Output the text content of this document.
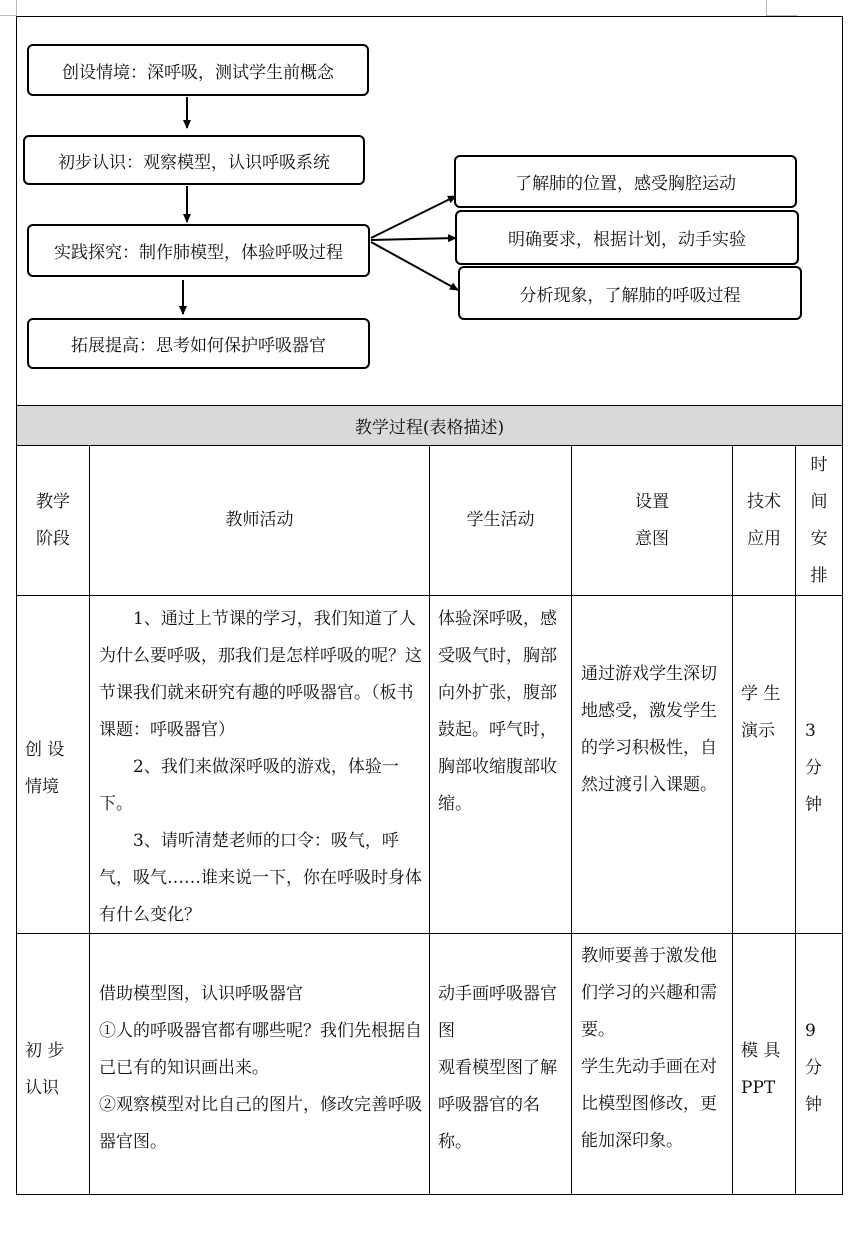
创设情境：深呼吸，测试学生前概念
初步认识：观察模型，认识呼吸系统
实践探究：制作肺模型，体验呼吸过程
拓展提高：思考如何保护呼吸器官
了解肺的位置，感受胸腔运动
明确要求，根据计划，动手实验
分析现象，了解肺的呼吸过程
教学过程(表格描述)
教学
阶段
教师活动	学生活动
设置
意图
技术
应用
时
间
安
排
创 设
情境

1、通过上节课的学习，我们知道了人为什么要呼吸，那我们是怎样呼吸的呢？这节课我们就来研究有趣的呼吸器官。（板书课题：呼吸器官）

2、我们来做深呼吸的游戏，体验一下。

3、请听清楚老师的口令：吸气，呼气，吸气……谁来说一下，你在呼吸时身体有什么变化？

体验深呼吸，感受吸气时，胸部向外扩张，腹部鼓起。呼气时，胸部收缩腹部收缩。

通过游戏学生深切地感受，激发学生的学习积极性，自然过渡引入课题。

学 生
演示	3
分
钟
初 步
认识

借助模型图，认识呼吸器官

①人的呼吸器官都有哪些呢？我们先根据自己已有的知识画出来。

②观察模型对比自己的图片，修改完善呼吸器官图。

动手画呼吸器官图

观看模型图了解呼吸器官的名称。

教师要善于激发他们学习的兴趣和需要。

学生先动手画在对比模型图修改，更能加深印象。

模 具
PPT
9
分
钟
